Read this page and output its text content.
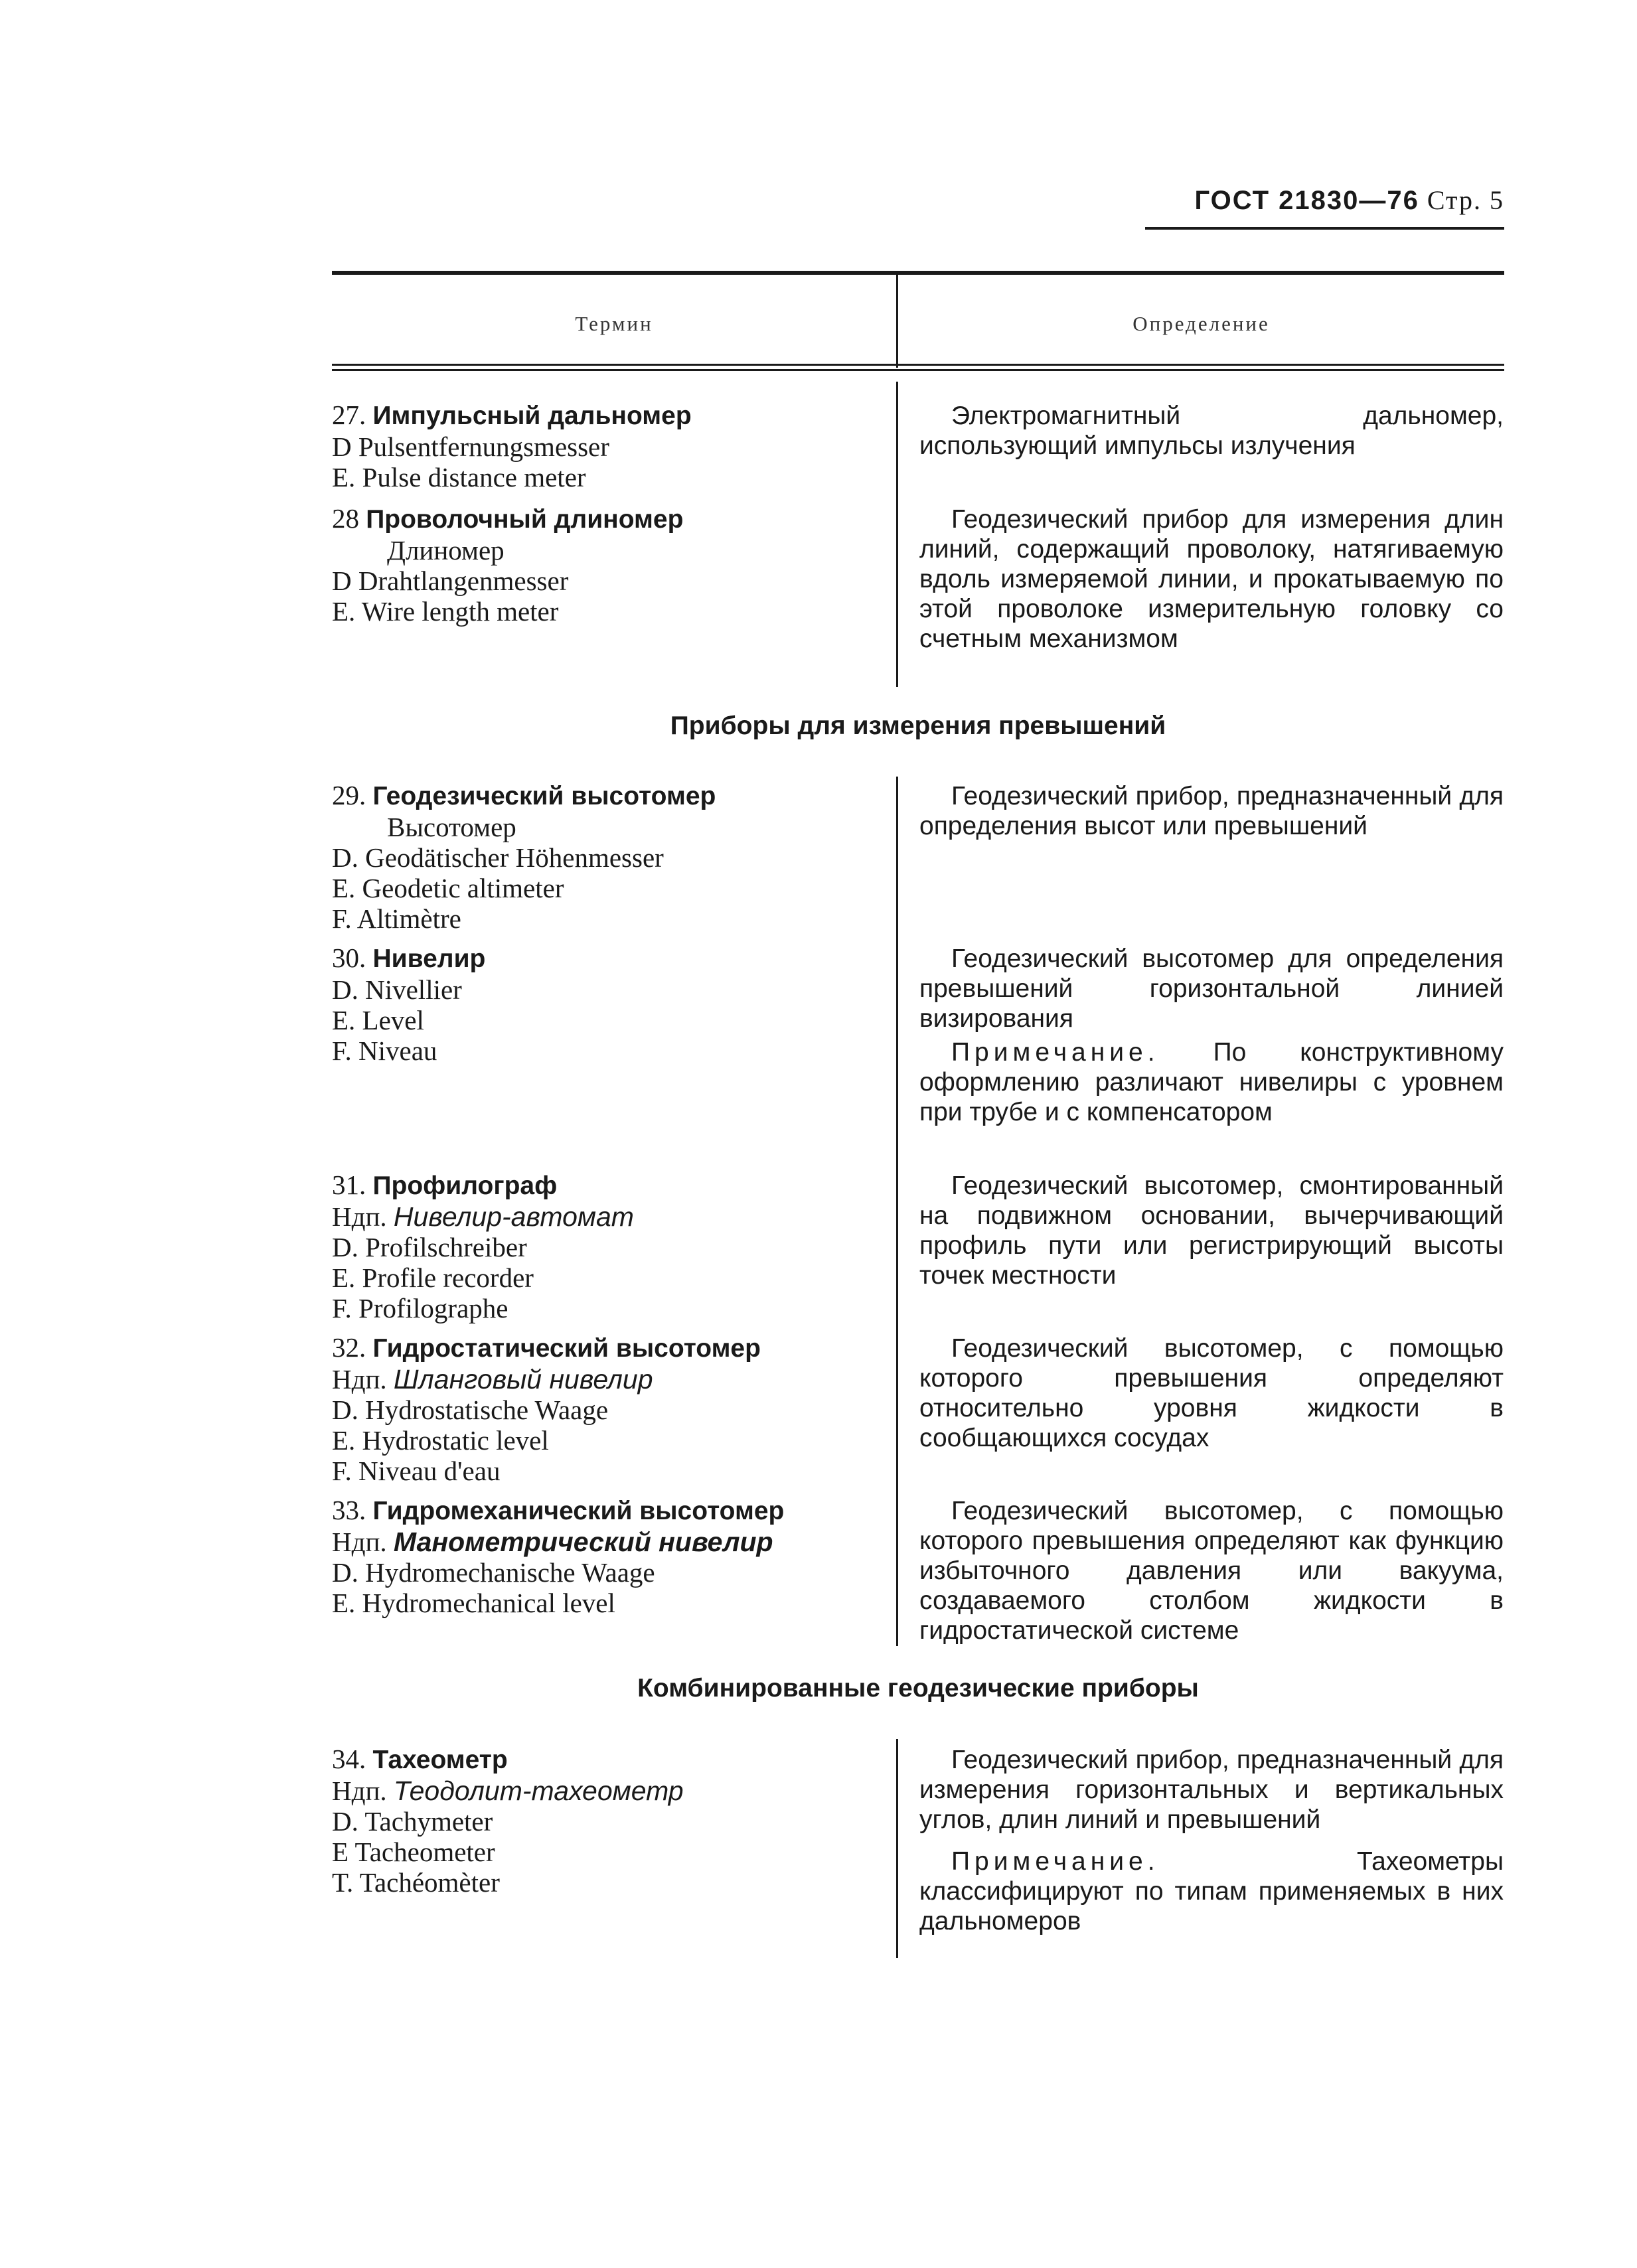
ГОСТ 21830—76 Стр. 5
Термин	Определение
27. Импульсный дальномер
D Pulsentfernungsmesser
E. Pulse distance meter

Электромагнитный дальномер, использующий импульсы излучения

28 Проволочный длиномер
Длиномер
D Drahtlangenmesser
E. Wire length meter

Геодезический прибор для измерения длин линий, содержащий проволоку, натягиваемую вдоль измеряемой линии, и прокатываемую по этой проволоке измерительную головку со счетным механизмом

Приборы для измерения превышений
29. Геодезический высотомер
Высотомер
D. Geodätischer Höhenmesser
E. Geodetic altimeter
F. Altimètre

Геодезический прибор, предназначенный для определения высот или превышений

30. Нивелир
D. Nivellier
E. Level
F. Niveau

Геодезический высотомер для определения превышений горизонтальной линией визирования

Примечание. По конструктивному оформлению различают нивелиры с уровнем при трубе и с компенсатором

31. Профилограф
Ндп. Нивелир-автомат
D. Profilschreiber
E. Profile recorder
F. Profilographe

Геодезический высотомер, смонтированный на подвижном основании, вычерчивающий профиль пути или регистрирующий высоты точек местности

32. Гидростатический высотомер
Ндп. Шланговый нивелир
D. Hydrostatische Waage
E. Hydrostatic level
F. Niveau d'eau

Геодезический высотомер, с помощью которого превышения определяют относительно уровня жидкости в сообщающихся сосудах

33. Гидромеханический высотомер
Ндп. Манометрический нивелир
D. Hydromechanische Waage
E. Hydromechanical level

Геодезический высотомер, с помощью которого превышения определяют как функцию избыточного давления или вакуума, создаваемого столбом жидкости в гидростатической системе

Комбинированные геодезические приборы
34. Тахеометр
Ндп. Теодолит-тахеометр
D. Tachymeter
E Tacheometer
T. Tachéomèter

Геодезический прибор, предназначенный для измерения горизонтальных и вертикальных углов, длин линий и превышений

Примечание.	Тахеометры классифицируют по типам применяемых в них дальномеров
